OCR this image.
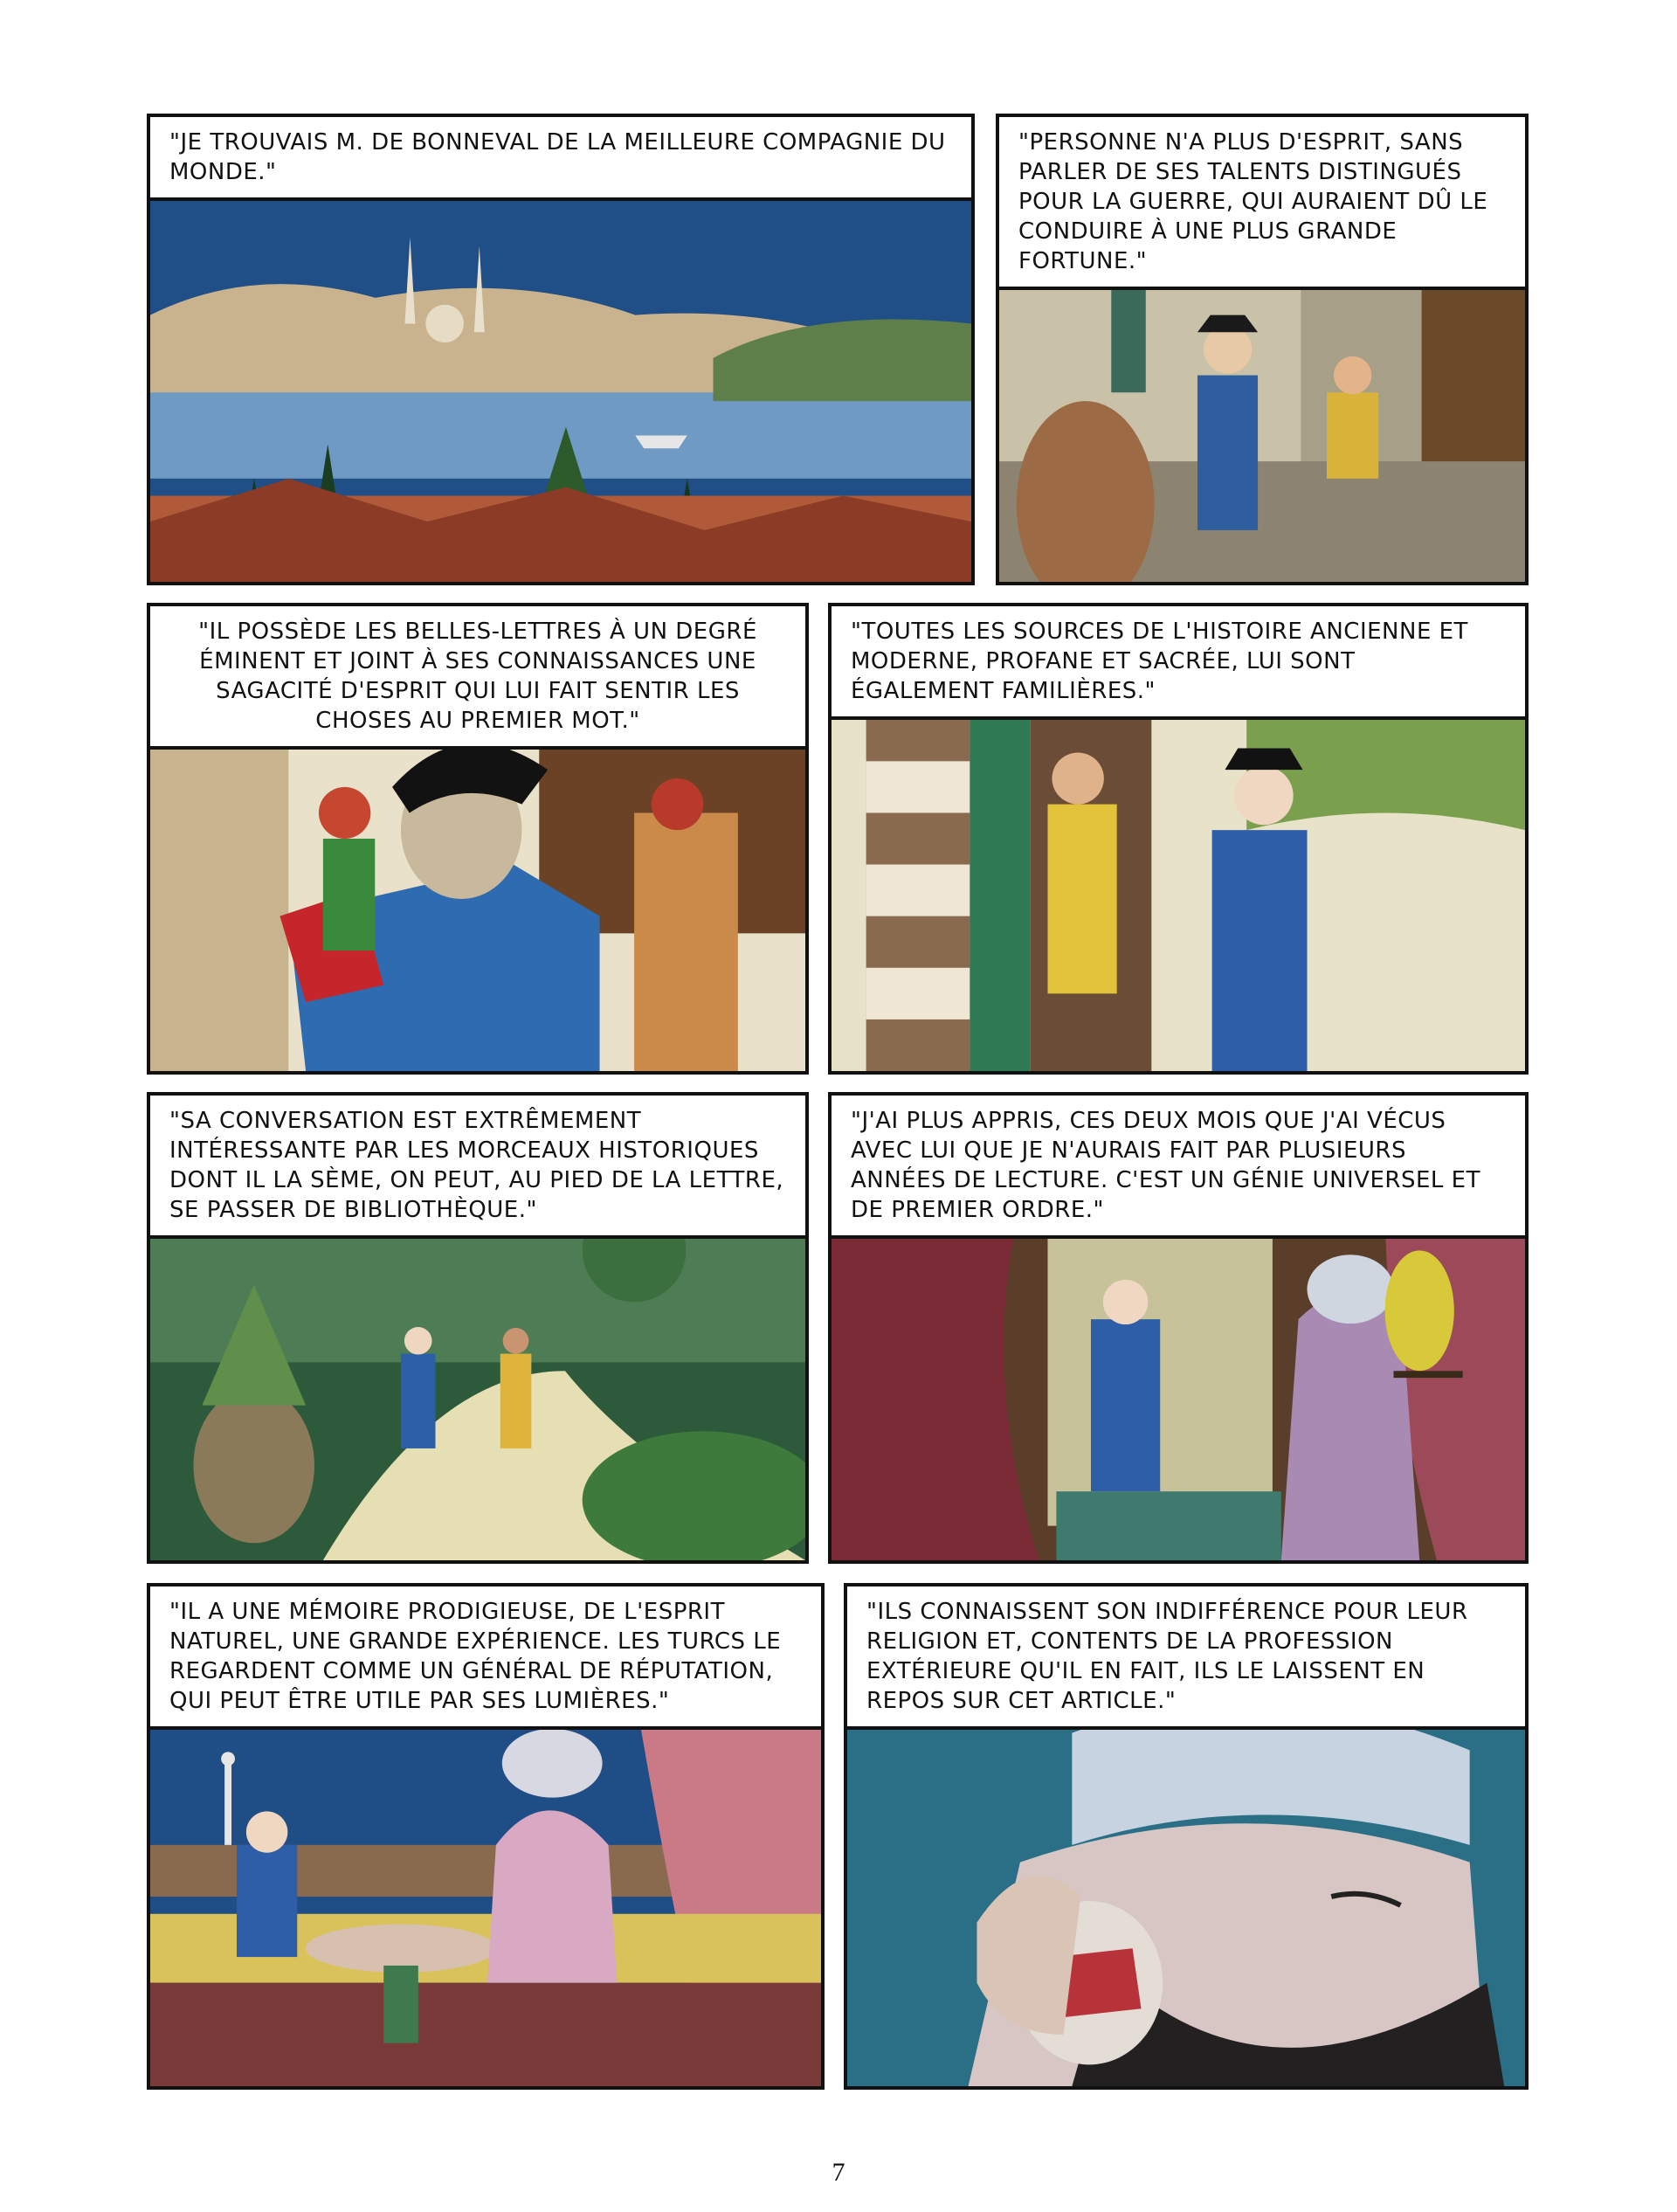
"JE TROUVAIS M. DE BONNEVAL DE LA MEILLEURE COMPAGNIE DU MONDE."
"PERSONNE N'A PLUS D'ESPRIT, SANS PARLER DE SES TALENTS DISTINGUÉS POUR LA GUERRE, QUI AURAIENT DÛ LE CONDUIRE À UNE PLUS GRANDE FORTUNE."
"IL POSSÈDE LES BELLES-LETTRES À UN DEGRÉ ÉMINENT ET JOINT À SES CONNAISSANCES UNE SAGACITÉ D'ESPRIT QUI LUI FAIT SENTIR LES CHOSES AU PREMIER MOT."
"TOUTES LES SOURCES DE L'HISTOIRE ANCIENNE ET MODERNE, PROFANE ET SACRÉE, LUI SONT ÉGALEMENT FAMILIÈRES."
"SA CONVERSATION EST EXTRÊMEMENT INTÉRESSANTE PAR LES MORCEAUX HISTORIQUES DONT IL LA SÈME, ON PEUT, AU PIED DE LA LETTRE, SE PASSER DE BIBLIOTHÈQUE."
"J'AI PLUS APPRIS, CES DEUX MOIS QUE J'AI VÉCUS AVEC LUI QUE JE N'AURAIS FAIT PAR PLUSIEURS ANNÉES DE LECTURE. C'EST UN GÉNIE UNIVERSEL ET DE PREMIER ORDRE."
"IL A UNE MÉMOIRE PRODIGIEUSE, DE L'ESPRIT NATUREL, UNE GRANDE EXPÉRIENCE. LES TURCS LE REGARDENT COMME UN GÉNÉRAL DE RÉPUTATION, QUI PEUT ÊTRE UTILE PAR SES LUMIÈRES."
"ILS CONNAISSENT SON INDIFFÉRENCE POUR LEUR RELIGION ET, CONTENTS DE LA PROFESSION EXTÉRIEURE QU'IL EN FAIT, ILS LE LAISSENT EN REPOS SUR CET ARTICLE."
7
